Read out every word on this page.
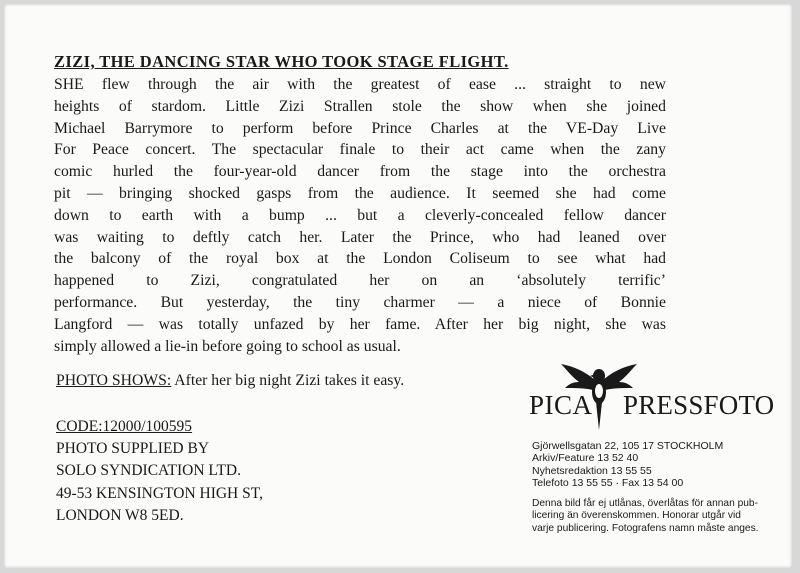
ZIZI, THE DANCING STAR WHO TOOK STAGE FLIGHT.
SHE flew through the air with the greatest of ease ... straight to new
heights of stardom. Little Zizi Strallen stole the show when she joined
Michael Barrymore to perform before Prince Charles at the VE-Day Live
For Peace concert. The spectacular finale to their act came when the zany
comic hurled the four-year-old dancer from the stage into the orchestra
pit — bringing shocked gasps from the audience. It seemed she had come
down to earth with a bump ... but a cleverly-concealed fellow dancer
was waiting to deftly catch her. Later the Prince, who had leaned over
the balcony of the royal box at the London Coliseum to see what had
happened to Zizi, congratulated her on an ‘absolutely terrific’
performance. But yesterday, the tiny charmer — a niece of Bonnie
Langford — was totally unfazed by her fame. After her big night, she was
simply allowed a lie-in before going to school as usual.
PHOTO SHOWS: After her big night Zizi takes it easy.
CODE:12000/100595
PHOTO SUPPLIED BY
SOLO SYNDICATION LTD.
49-53 KENSINGTON HIGH ST,
LONDON W8 5ED.
PICA PRESSFOTO
Gjörwellsgatan 22, 105 17 STOCKHOLM
Arkiv/Feature 13 52 40
Nyhetsredaktion 13 55 55
Telefoto 13 55 55 · Fax 13 54 00
Denna bild får ej utlånas, överlåtas för annan pub-
licering än överenskommen. Honorar utgår vid
varje publicering. Fotografens namn måste anges.
